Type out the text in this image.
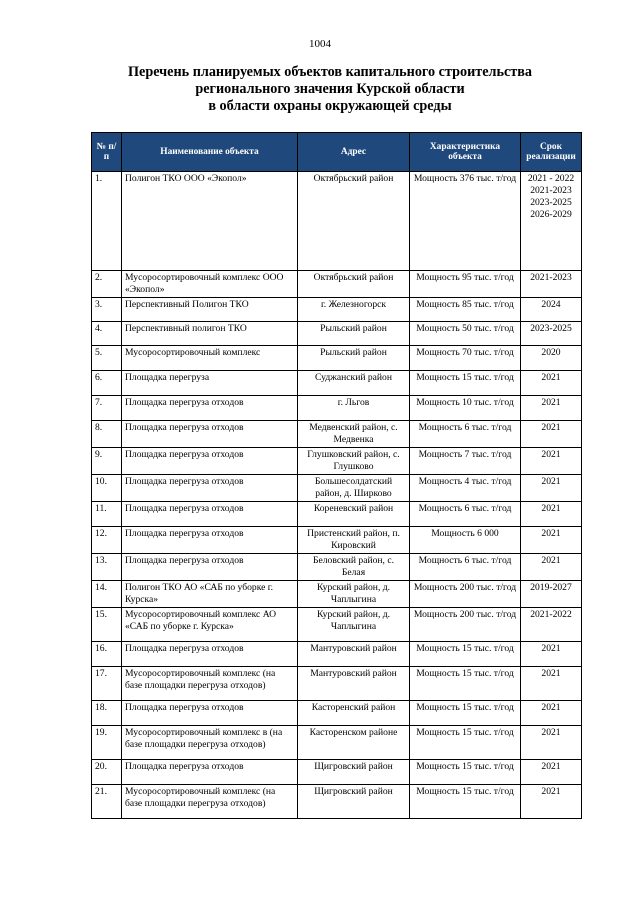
1004
Перечень планируемых объектов капитального строительства
регионального значения Курской области
в области охраны окружающей среды
№ п/п	Наименование объекта	Адрес	Характеристика объекта	Срок реализации
1.	Полигон ТКО ООО «Экопол»	Октябрьский район	Мощность 376 тыс. т/год	2021 - 2022 2021-2023 2023-2025 2026-2029
2.	Мусоросортировочный комплекс ООО «Экопол»	Октябрьский район	Мощность 95 тыс. т/год	2021-2023
3.	Перспективный Полигон ТКО	г. Железногорск	Мощность 85 тыс. т/год	2024
4.	Перспективный полигон ТКО	Рыльский район	Мощность 50 тыс. т/год	2023-2025
5.	Мусоросортировочный комплекс	Рыльский район	Мощность 70 тыс. т/год	2020
6.	Площадка перегруза	Суджанский район	Мощность 15 тыс. т/год	2021
7.	Площадка перегруза отходов	г. Льгов	Мощность 10 тыс. т/год	2021
8.	Площадка перегруза отходов	Медвенский район, с. Медвенка	Мощность 6 тыс. т/год	2021
9.	Площадка перегруза отходов	Глушковский район, с. Глушково	Мощность 7 тыс. т/год	2021
10.	Площадка перегруза отходов	Большесолдатский район, д. Ширково	Мощность 4 тыс. т/год	2021
11.	Площадка перегруза отходов	Кореневский район	Мощность 6 тыс. т/год	2021
12.	Площадка перегруза отходов	Пристенский район, п. Кировский	Мощность 6 000	2021
13.	Площадка перегруза отходов	Беловский район, с. Белая	Мощность 6 тыс. т/год	2021
14.	Полигон ТКО АО «САБ по уборке г. Курска»	Курский район, д. Чаплыгина	Мощность 200 тыс. т/год	2019-2027
15.	Мусоросортировочный комплекс АО «САБ по уборке г. Курска»	Курский район, д. Чаплыгина	Мощность 200 тыс. т/год	2021-2022
16.	Площадка перегруза отходов	Мантуровский район	Мощность 15 тыс. т/год	2021
17.	Мусоросортировочный комплекс (на базе площадки перегруза отходов)	Мантуровский район	Мощность 15 тыс. т/год	2021
18.	Площадка перегруза отходов	Касторенский район	Мощность 15 тыс. т/год	2021
19.	Мусоросортировочный комплекс в (на базе площадки перегруза отходов)	Касторенском районе	Мощность 15 тыс. т/год	2021
20.	Площадка перегруза отходов	Щигровский район	Мощность 15 тыс. т/год	2021
21.	Мусоросортировочный комплекс (на базе площадки перегруза отходов)	Щигровский район	Мощность 15 тыс. т/год	2021
